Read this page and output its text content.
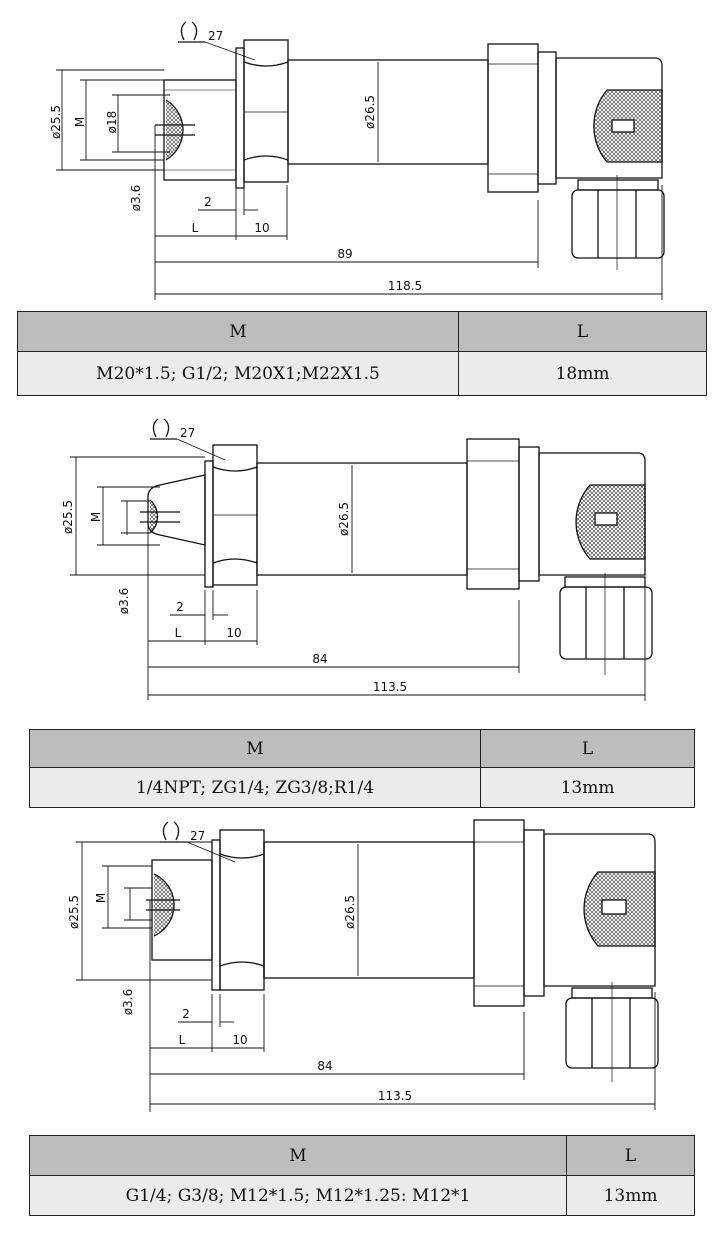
ø25.5 M ø18
ø3.6	2
L	10
ø26.5
89
118.5
27
M	L
M20*1.5; G1/2; M20X1;M22X1.5	18mm
ø25.5 M
ø3.6	2
L	10
ø26.5
84
113.5
27
M	L
1/4NPT; ZG1/4; ZG3/8;R1/4	13mm
ø25.5 M
ø3.6	2
L	10
ø26.5
84
113.5
27
M	L
G1/4; G3/8; M12*1.5; M12*1.25: M12*1	13mm
